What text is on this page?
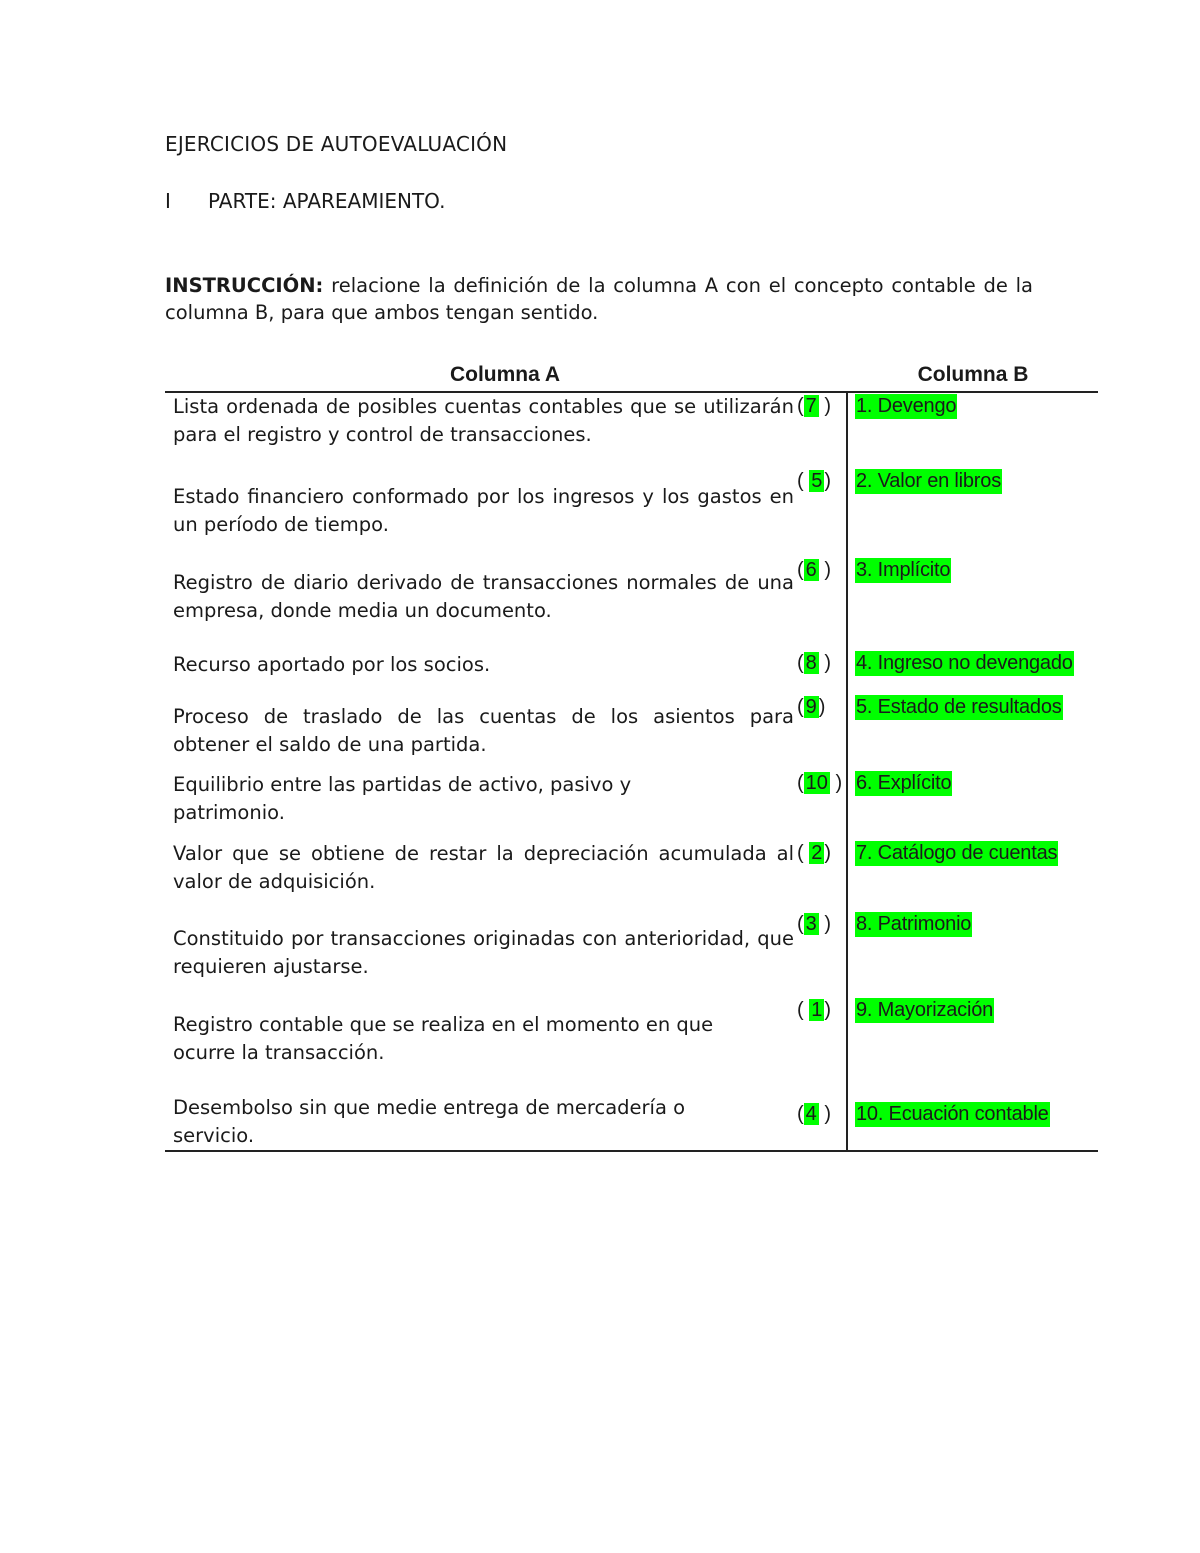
EJERCICIOS DE AUTOEVALUACIÓN
I PARTE: APAREAMIENTO.

INSTRUCCIÓN: relacione la definición de la columna A con el concepto contable de la columna B, para que ambos tengan sentido.

Columna A	Columna B
Lista ordenada de posibles cuentas contables que se utilizarán para el registro y control de transacciones.
( 7 ) 1. Devengo
Estado financiero conformado por los ingresos y los gastos en un período de tiempo.
( 5 ) 2. Valor en libros
Registro de diario derivado de transacciones normales de una empresa, donde media un documento.
( 6 ) 3. Implícito
Recurso aportado por los socios.	( 8 ) 4. Ingreso no devengado
Proceso de traslado de las cuentas de los asientos para obtener el saldo de una partida.
( 9 ) 5. Estado de resultados
Equilibrio entre las partidas de activo, pasivo y patrimonio.
( 10 ) 6. Explícito
Valor que se obtiene de restar la depreciación acumulada al valor de adquisición.
( 2 ) 7. Catálogo de cuentas
Constituido por transacciones originadas con anterioridad, que requieren ajustarse.
( 3 ) 8. Patrimonio
Registro contable que se realiza en el momento en que ocurre la transacción.
( 1 ) 9. Mayorización
Desembolso sin que medie entrega de mercadería o servicio.
( 4 ) 10. Ecuación contable
